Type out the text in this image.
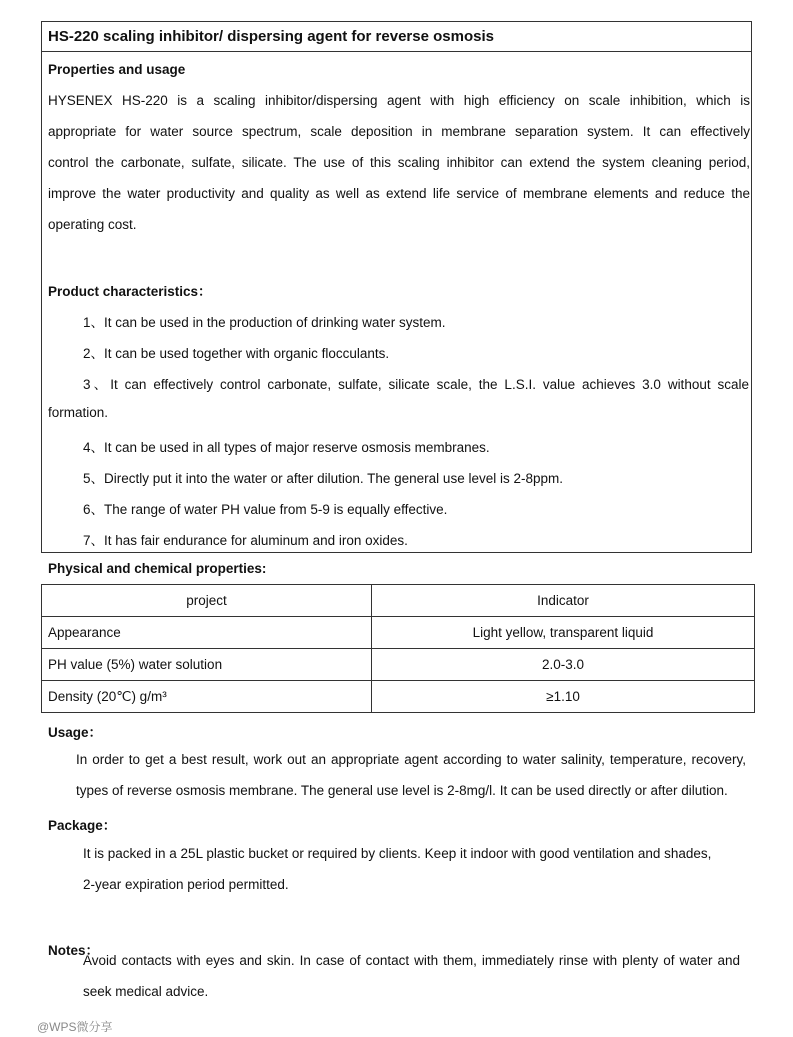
HS-220 scaling inhibitor/ dispersing agent for reverse osmosis
Properties and usage
HYSENEX HS-220 is a scaling inhibitor/dispersing agent with high efficiency on scale inhibition, which is
appropriate for water source spectrum, scale deposition in membrane separation system. It can effectively
control the carbonate, sulfate, silicate. The use of this scaling inhibitor can extend the system cleaning period,
improve the water productivity and quality as well as extend life service of membrane elements and reduce the
operating cost.
Product characteristics：
1、It can be used in the production of drinking water system.
2、It can be used together with organic flocculants.
3、It can effectively control carbonate, sulfate, silicate scale, the L.S.I. value achieves 3.0 without scale
formation.
4、It can be used in all types of major reserve osmosis membranes.
5、Directly put it into the water or after dilution. The general use level is 2-8ppm.
6、The range of water PH value from 5-9 is equally effective.
7、It has fair endurance for aluminum and iron oxides.
Physical and chemical properties:
project	Indicator
Appearance	Light yellow, transparent liquid
PH value (5%) water solution	2.0-3.0
Density (20℃) g/m³	≥1.10
Usage：
In order to get a best result, work out an appropriate agent according to water salinity, temperature, recovery,
types of reverse osmosis membrane. The general use level is 2-8mg/l. It can be used directly or after dilution.
Package：
It is packed in a 25L plastic bucket or required by clients. Keep it indoor with good ventilation and shades,
2-year expiration period permitted.
Notes：
Avoid contacts with eyes and skin. In case of contact with them, immediately rinse with plenty of water and
seek medical advice.
@WPS微分享
